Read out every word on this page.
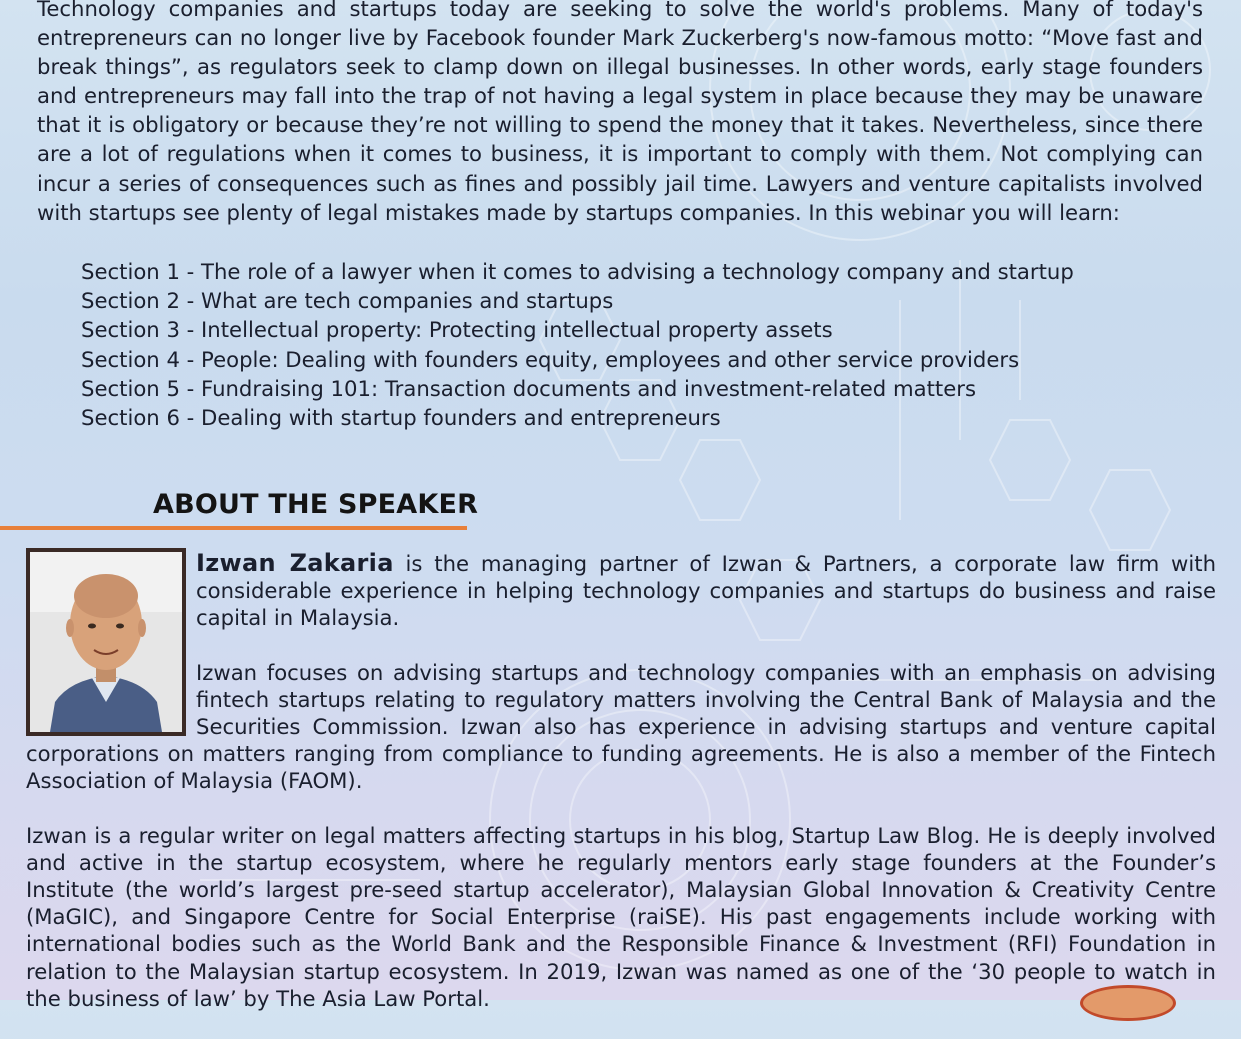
Technology companies and startups today are seeking to solve the world's problems. Many of today's entrepreneurs can no longer live by Facebook founder Mark Zuckerberg's now-famous motto: “Move fast and break things”, as regulators seek to clamp down on illegal businesses. In other words, early stage founders and entrepreneurs may fall into the trap of not having a legal system in place because they may be unaware that it is obligatory or because they’re not willing to spend the money that it takes. Nevertheless, since there are a lot of regulations when it comes to business, it is important to comply with them. Not complying can incur a series of consequences such as fines and possibly jail time. Lawyers and venture capitalists involved with startups see plenty of legal mistakes made by startups companies. In this webinar you will learn:

Section 1 - The role of a lawyer when it comes to advising a technology company and startup
Section 2 - What are tech companies and startups
Section 3 - Intellectual property: Protecting intellectual property assets
Section 4 - People: Dealing with founders equity, employees and other service providers
Section 5 - Fundraising 101: Transaction documents and investment-related matters
Section 6 - Dealing with startup founders and entrepreneurs
ABOUT THE SPEAKER

Izwan Zakaria is the managing partner of Izwan & Partners, a corporate law firm with considerable experience in helping technology companies and startups do business and raise capital in Malaysia.

Izwan focuses on advising startups and technology companies with an emphasis on advising fintech startups relating to regulatory matters involving the Central Bank of Malaysia and the Securities Commission. Izwan also has experience in advising startups and venture capital corporations on matters ranging from compliance to funding agreements. He is also a member of the Fintech Association of Malaysia (FAOM).

Izwan is a regular writer on legal matters affecting startups in his blog, Startup Law Blog. He is deeply involved and active in the startup ecosystem, where he regularly mentors early stage founders at the Founder’s Institute (the world’s largest pre-seed startup accelerator), Malaysian Global Innovation & Creativity Centre (MaGIC), and Singapore Centre for Social Enterprise (raiSE). His past engagements include working with international bodies such as the World Bank and the Responsible Finance & Investment (RFI) Foundation in relation to the Malaysian startup ecosystem. In 2019, Izwan was named as one of the ‘30 people to watch in the business of law’ by The Asia Law Portal.
